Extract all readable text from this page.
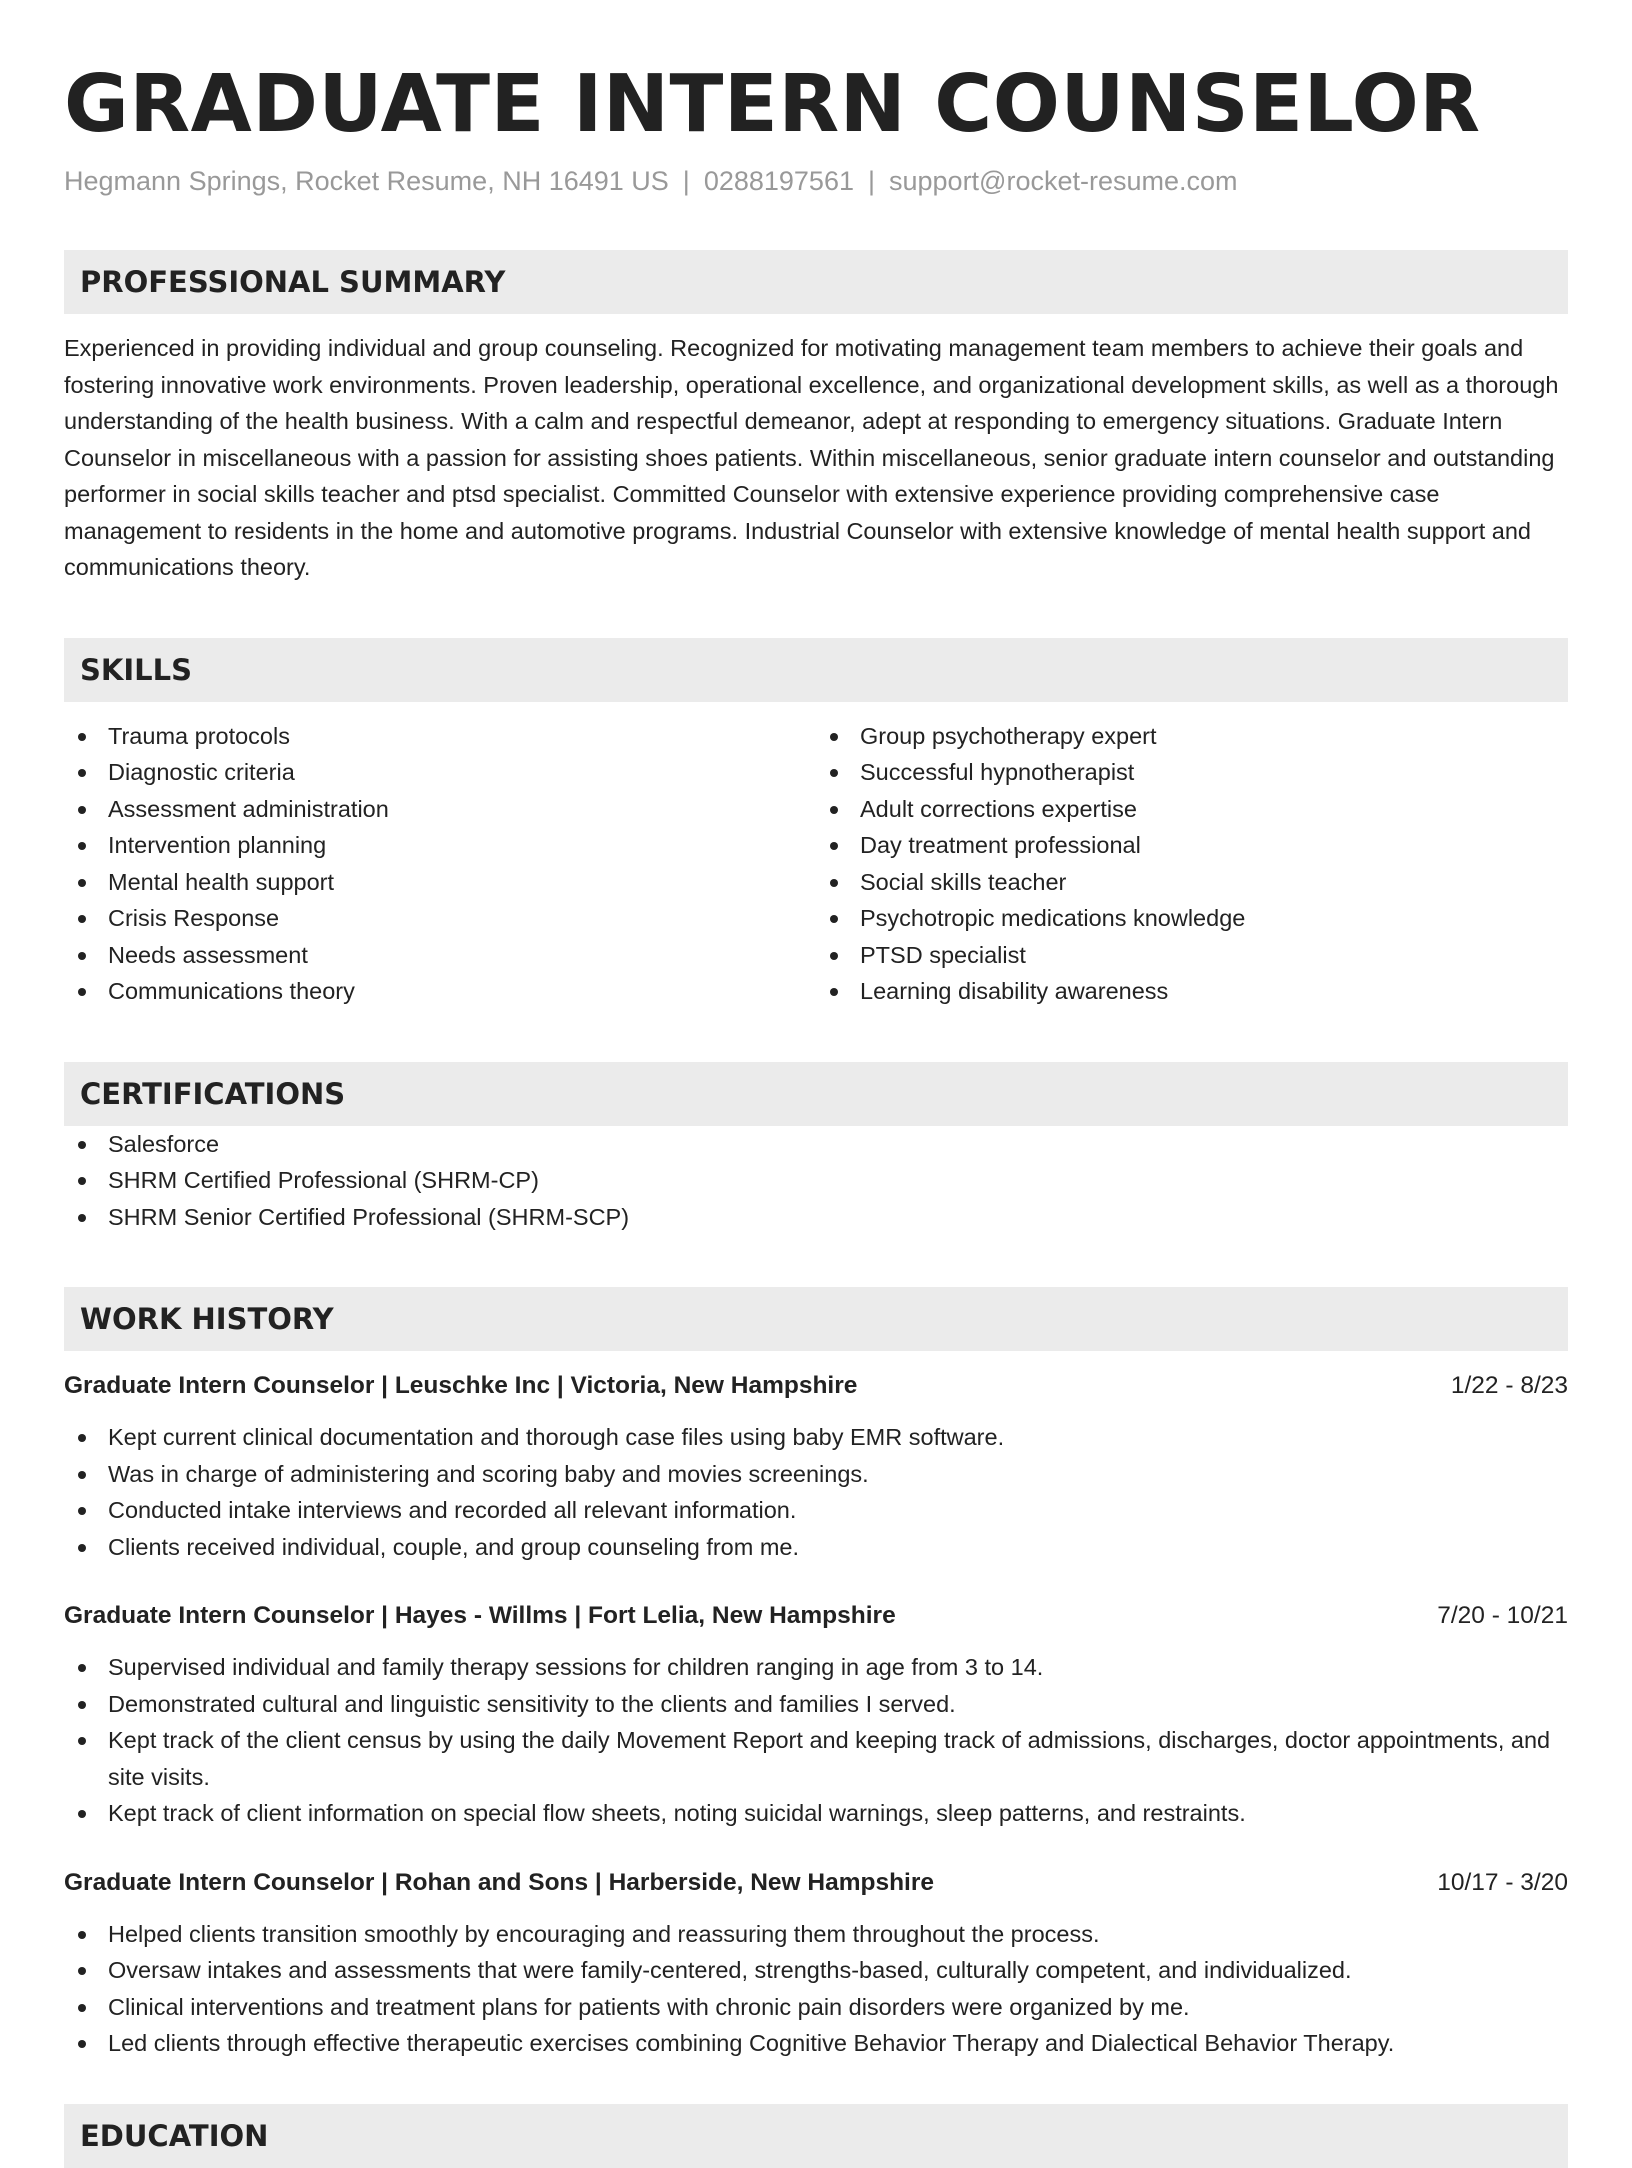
GRADUATE INTERN COUNSELOR
Hegmann Springs, Rocket Resume, NH 16491 US | 0288197561 | support@rocket-resume.com
PROFESSIONAL SUMMARY

Experienced in providing individual and group counseling. Recognized for motivating management team members to achieve their goals and fostering innovative work environments. Proven leadership, operational excellence, and organizational development skills, as well as a thorough understanding of the health business. With a calm and respectful demeanor, adept at responding to emergency situations. Graduate Intern Counselor in miscellaneous with a passion for assisting shoes patients. Within miscellaneous, senior graduate intern counselor and outstanding performer in social skills teacher and ptsd specialist. Committed Counselor with extensive experience providing comprehensive case management to residents in the home and automotive programs. Industrial Counselor with extensive knowledge of mental health support and communications theory.

SKILLS
Trauma protocols
Diagnostic criteria
Assessment administration
Intervention planning
Mental health support
Crisis Response
Needs assessment
Communications theory
Group psychotherapy expert
Successful hypnotherapist
Adult corrections expertise
Day treatment professional
Social skills teacher
Psychotropic medications knowledge
PTSD specialist
Learning disability awareness
CERTIFICATIONS
Salesforce
SHRM Certified Professional (SHRM-CP)
SHRM Senior Certified Professional (SHRM-SCP)
WORK HISTORY
Graduate Intern Counselor | Leuschke Inc | Victoria, New Hampshire	1/22 - 8/23
Kept current clinical documentation and thorough case files using baby EMR software.
Was in charge of administering and scoring baby and movies screenings.
Conducted intake interviews and recorded all relevant information.
Clients received individual, couple, and group counseling from me.
Graduate Intern Counselor | Hayes - Willms | Fort Lelia, New Hampshire	7/20 - 10/21
Supervised individual and family therapy sessions for children ranging in age from 3 to 14.
Demonstrated cultural and linguistic sensitivity to the clients and families I served.
Kept track of the client census by using the daily Movement Report and keeping track of admissions, discharges, doctor appointments, and site visits.
Kept track of client information on special flow sheets, noting suicidal warnings, sleep patterns, and restraints.
Graduate Intern Counselor | Rohan and Sons | Harberside, New Hampshire	10/17 - 3/20
Helped clients transition smoothly by encouraging and reassuring them throughout the process.
Oversaw intakes and assessments that were family-centered, strengths-based, culturally competent, and individualized.
Clinical interventions and treatment plans for patients with chronic pain disorders were organized by me.
Led clients through effective therapeutic exercises combining Cognitive Behavior Therapy and Dialectical Behavior Therapy.
EDUCATION
